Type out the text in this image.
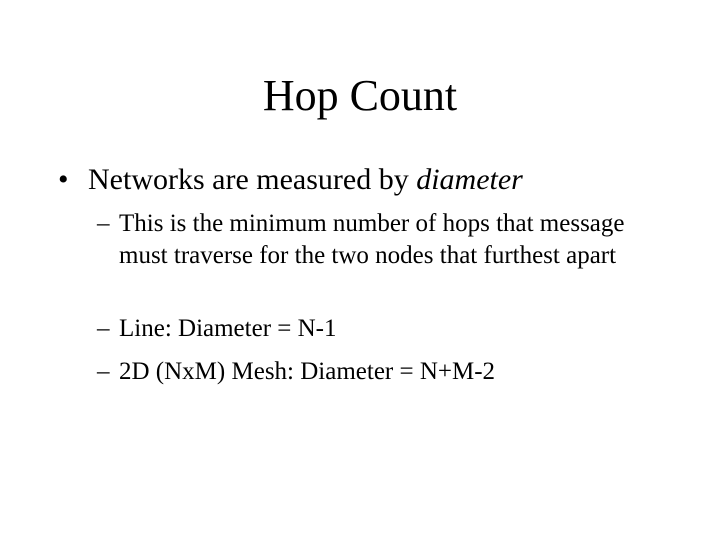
Hop Count
• Networks are measured by diameter
– This is the minimum number of hops that message must traverse for the two nodes that furthest apart
– Line: Diameter = N-1
– 2D (NxM) Mesh: Diameter = N+M-2
